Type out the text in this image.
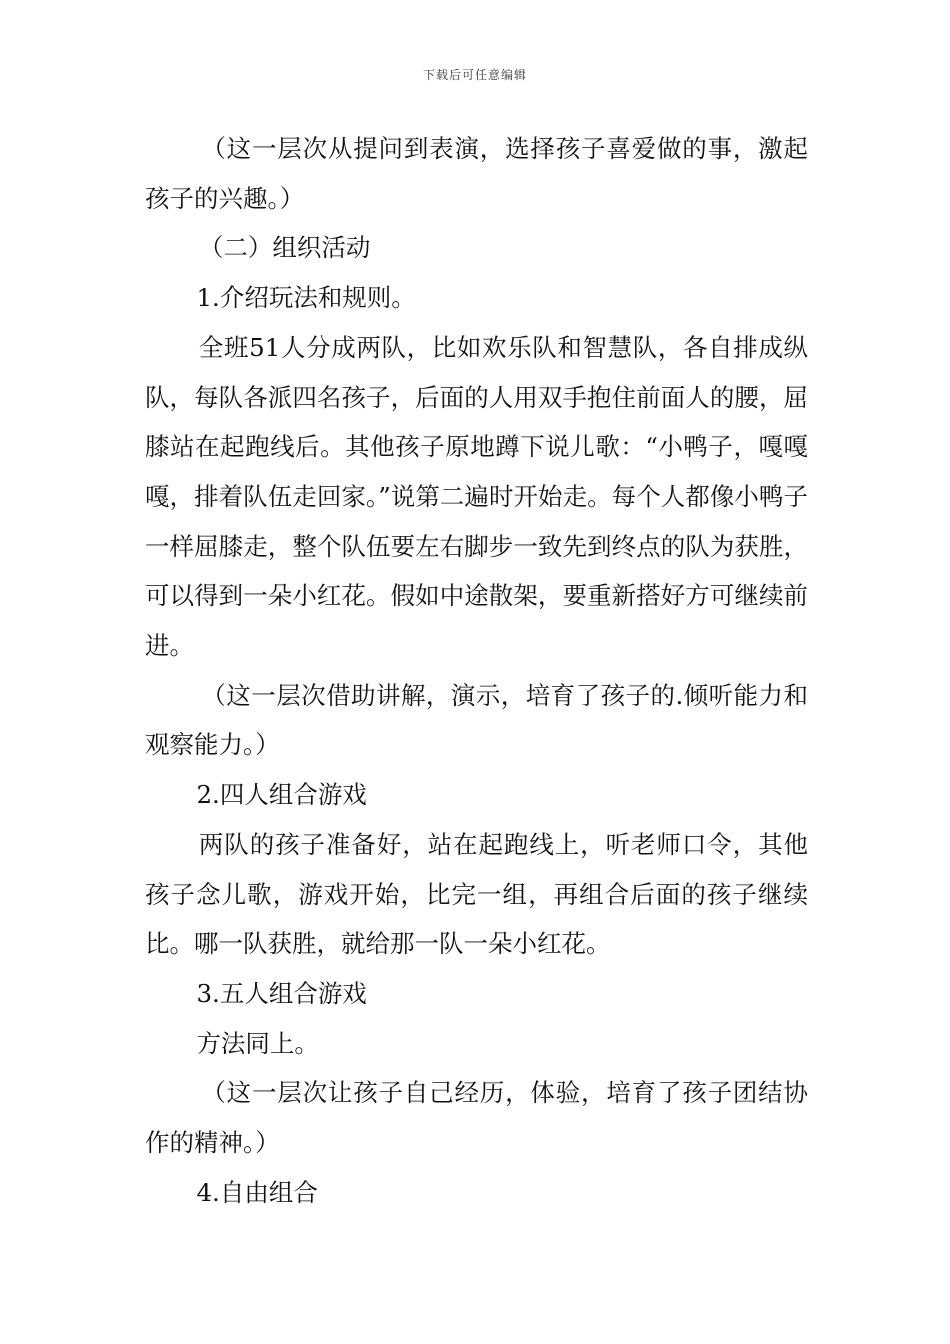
下载后可任意编辑

（这一层次从提问到表演，选择孩子喜爱做的事，激起孩子的兴趣。）

（二）组织活动

1.介绍玩法和规则。

全班51人分成两队，比如欢乐队和智慧队，各自排成纵队，每队各派四名孩子，后面的人用双手抱住前面人的腰，屈膝站在起跑线后。其他孩子原地蹲下说儿歌：“小鸭子，嘎嘎嘎，排着队伍走回家。”说第二遍时开始走。每个人都像小鸭子一样屈膝走，整个队伍要左右脚步一致先到终点的队为获胜，可以得到一朵小红花。假如中途散架，要重新搭好方可继续前进。

（这一层次借助讲解，演示，培育了孩子的.倾听能力和观察能力。）

2.四人组合游戏

两队的孩子准备好，站在起跑线上，听老师口令，其他孩子念儿歌，游戏开始，比完一组，再组合后面的孩子继续比。哪一队获胜，就给那一队一朵小红花。

3.五人组合游戏

方法同上。

（这一层次让孩子自己经历，体验，培育了孩子团结协作的精神。）

4.自由组合
